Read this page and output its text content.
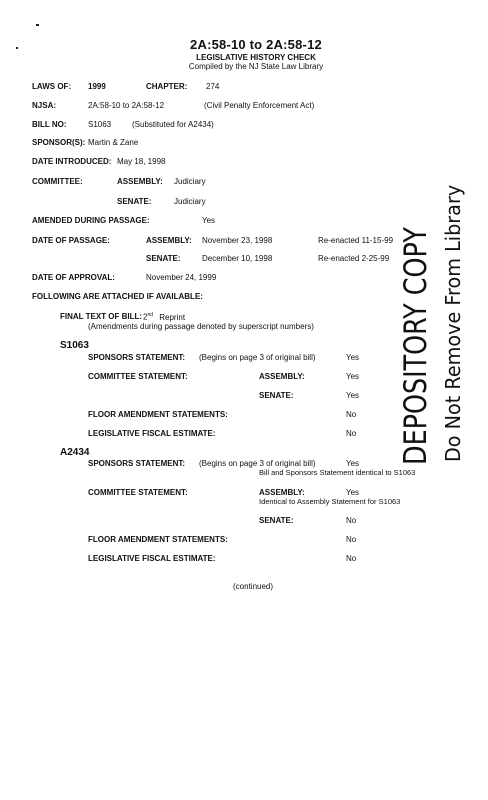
2A:58-10 to 2A:58-12
LEGISLATIVE HISTORY CHECK
Compiled by the NJ State Law Library
LAWS OF: 1999	CHAPTER: 274
NJSA:	2A:58-10 to 2A:58-12	(Civil Penalty Enforcement Act)
BILL NO:	S1063	(Substituted for A2434)
SPONSOR(S): Martin & Zane
DATE INTRODUCED: May 18, 1998
COMMITTEE:	ASSEMBLY: Judiciary
SENATE:	Judiciary
AMENDED DURING PASSAGE:	Yes
DATE OF PASSAGE:	ASSEMBLY: November 23, 1998	Re-enacted 11-15-99
SENATE:	December 10, 1998	Re-enacted 2-25-99
DATE OF APPROVAL:	November 24, 1999
FOLLOWING ARE ATTACHED IF AVAILABLE:
FINAL TEXT OF BILL: 2nd Reprint
(Amendments during passage denoted by superscript numbers)
S1063
SPONSORS STATEMENT: (Begins on page 3 of original bill)	Yes
COMMITTEE STATEMENT:	ASSEMBLY:	Yes
SENATE:	Yes
FLOOR AMENDMENT STATEMENTS:	No
LEGISLATIVE FISCAL ESTIMATE:	No
A2434
SPONSORS STATEMENT: (Begins on page 3 of original bill)	Yes
Bill and Sponsors Statement identical to S1063
COMMITTEE STATEMENT:	ASSEMBLY:	Yes
Identical to Assembly Statement for S1063
SENATE:	No
FLOOR AMENDMENT STATEMENTS:	No
LEGISLATIVE FISCAL ESTIMATE:	No
(continued)
DEPOSITORY COPY Do Not Remove From Library
